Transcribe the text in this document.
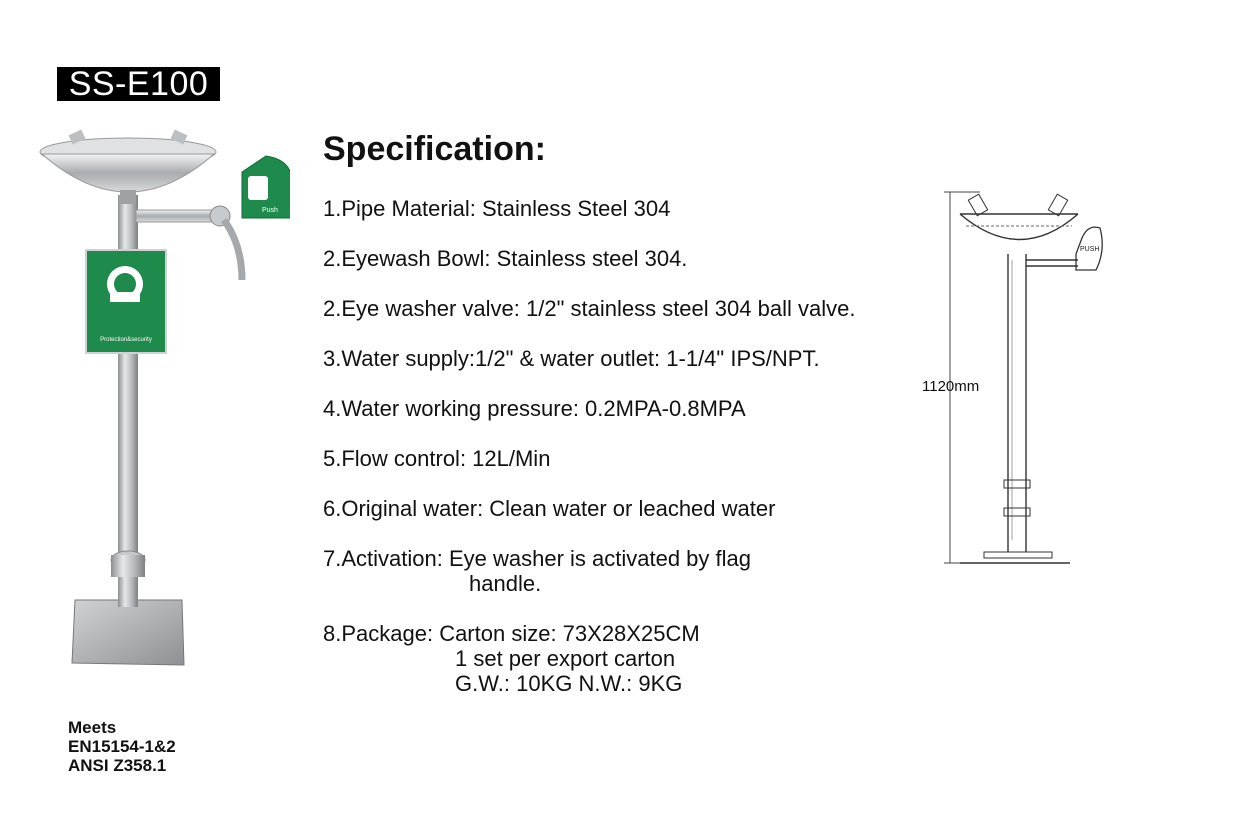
SS-E100
Push
Protection&security
Specification:
1.Pipe Material: Stainless Steel 304
2.Eyewash Bowl: Stainless steel 304.
2.Eye washer valve: 1/2" stainless steel 304 ball valve.
3.Water supply:1/2" & water outlet: 1-1/4" IPS/NPT.
4.Water working pressure: 0.2MPA-0.8MPA
5.Flow control: 12L/Min
6.Original water: Clean water or leached water
7.Activation: Eye washer is activated by flag
handle.
8.Package: Carton size: 73X28X25CM
1 set per export carton
G.W.: 10KG N.W.: 9KG
Meets
EN15154-1&2
ANSI Z358.1
PUSH
1120mm
